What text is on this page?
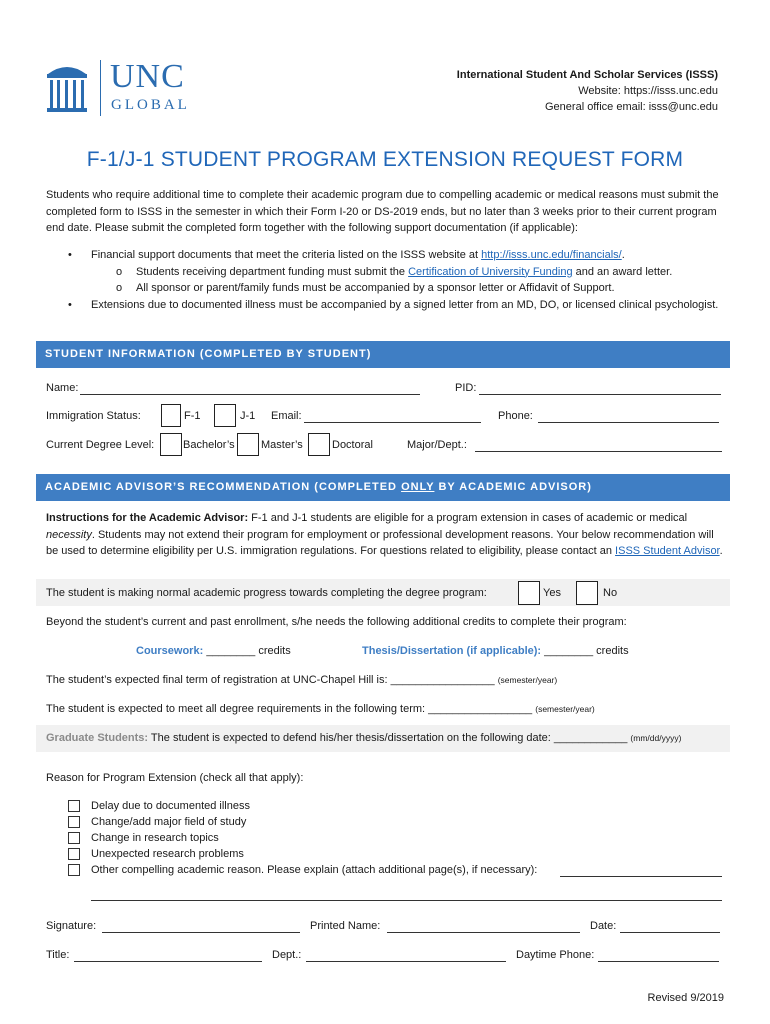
UNC
GLOBAL
International Student And Scholar Services (ISSS)
Website: https://isss.unc.edu
General office email: isss@unc.edu
F-1/J-1 STUDENT PROGRAM EXTENSION REQUEST FORM
Students who require additional time to complete their academic program due to compelling academic or medical reasons must submit the completed form to ISSS in the semester in which their Form I-20 or DS-2019 ends, but no later than 3 weeks prior to their current program end date. Please submit the completed form together with the following support documentation (if applicable):
• Financial support documents that meet the criteria listed on the ISSS website at http://isss.unc.edu/financials/.
o Students receiving department funding must submit the Certification of University Funding and an award letter.
o All sponsor or parent/family funds must be accompanied by a sponsor letter or Affidavit of Support.
• Extensions due to documented illness must be accompanied by a signed letter from an MD, DO, or licensed clinical psychologist.
STUDENT INFORMATION (COMPLETED BY STUDENT)
Name:	PID:
Immigration Status:	F-1	J-1 Email:	Phone:
Current Degree Level:	Bachelor’s Master’s	Doctoral	Major/Dept.:
ACADEMIC ADVISOR’S RECOMMENDATION (COMPLETED ONLY BY ACADEMIC ADVISOR)
Instructions for the Academic Advisor: F-1 and J-1 students are eligible for a program extension in cases of academic or medical necessity. Students may not extend their program for employment or professional development reasons. Your below recommendation will be used to determine eligibility per U.S. immigration regulations. For questions related to eligibility, please contact an ISSS Student Advisor.
The student is making normal academic progress towards completing the degree program:	Yes	No
Beyond the student’s current and past enrollment, s/he needs the following additional credits to complete their program:
Coursework: ________ credits	Thesis/Dissertation (if applicable): ________ credits
The student’s expected final term of registration at UNC-Chapel Hill is: _________________ (semester/year)
The student is expected to meet all degree requirements in the following term: _________________ (semester/year)
Graduate Students: The student is expected to defend his/her thesis/dissertation on the following date: ____________ (mm/dd/yyyy)
Reason for Program Extension (check all that apply):
Delay due to documented illness
Change/add major field of study
Change in research topics
Unexpected research problems
Other compelling academic reason. Please explain (attach additional page(s), if necessary):
Signature:	Printed Name:	Date:
Title:	Dept.:	Daytime Phone:
Revised 9/2019
